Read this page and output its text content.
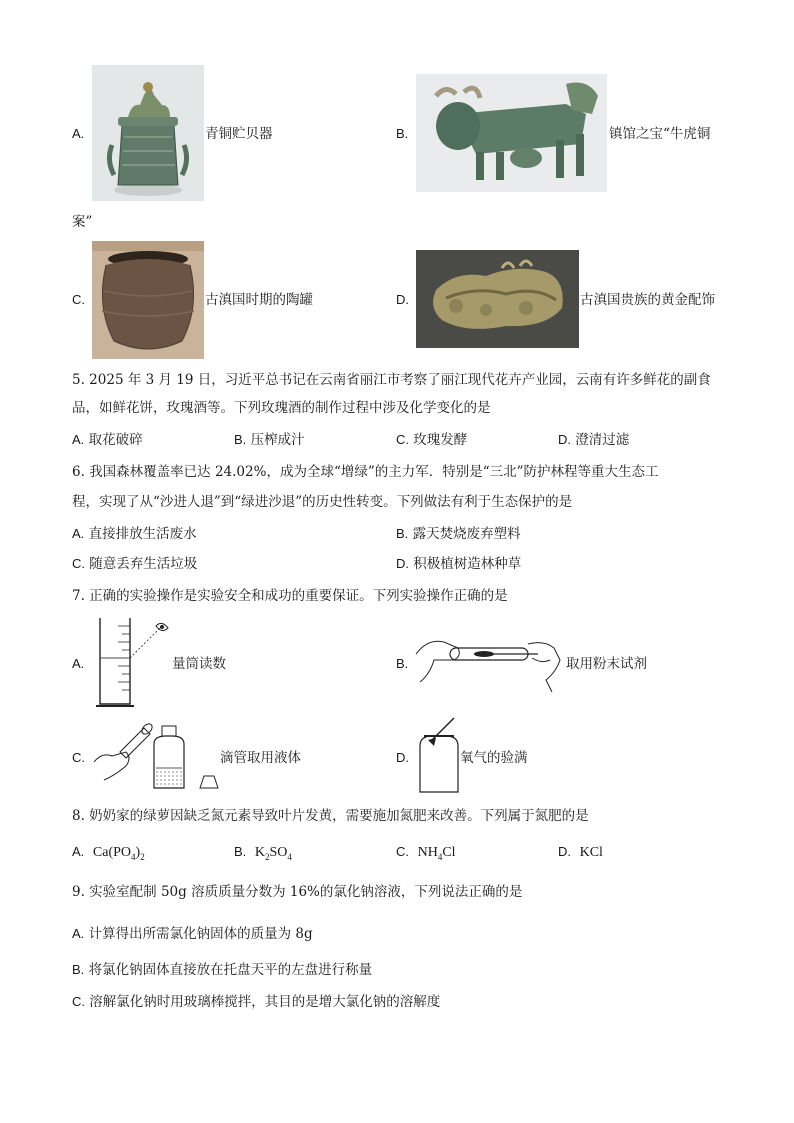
A.	青铜贮贝器	B.	镇馆之宝“牛虎铜
案”
C.	古滇国时期的陶罐	D.	古滇国贵族的黄金配饰
5. 2025 年 3 月 19 日，习近平总书记在云南省丽江市考察了丽江现代花卉产业园，云南有许多鲜花的副食
品，如鲜花饼，玫瑰酒等。下列玫瑰酒的制作过程中涉及化学变化的是
A. 取花破碎	B. 压榨成汁	C. 玫瑰发酵	D. 澄清过滤
6. 我国森林覆盖率已达 24.02%，成为全球“增绿”的主力军．特别是“三北”防护林程等重大生态工
程，实现了从“沙进人退”到“绿进沙退”的历史性转变。下列做法有利于生态保护的是
A. 直接排放生活废水	B. 露天焚烧废弃塑料
C. 随意丢弃生活垃圾	D. 积极植树造林种草
7. 正确的实验操作是实验安全和成功的重要保证。下列实验操作正确的是
A.	量筒读数	B.	取用粉末试剂
C.	滴管取用液体	D.	氧气的验满
8. 奶奶家的绿萝因缺乏氮元素导致叶片发黄，需要施加氮肥来改善。下列属于氮肥的是
A. $Ca(PO_4)_2$	B. $K_2SO_4$	C. $NH_4Cl$	D. KCl
9. 实验室配制 50g 溶质质量分数为 16%的氯化钠溶液，下列说法正确的是
A. 计算得出所需氯化钠固体的质量为 8g
B. 将氯化钠固体直接放在托盘天平的左盘进行称量
C. 溶解氯化钠时用玻璃棒搅拌，其目的是增大氯化钠的溶解度
